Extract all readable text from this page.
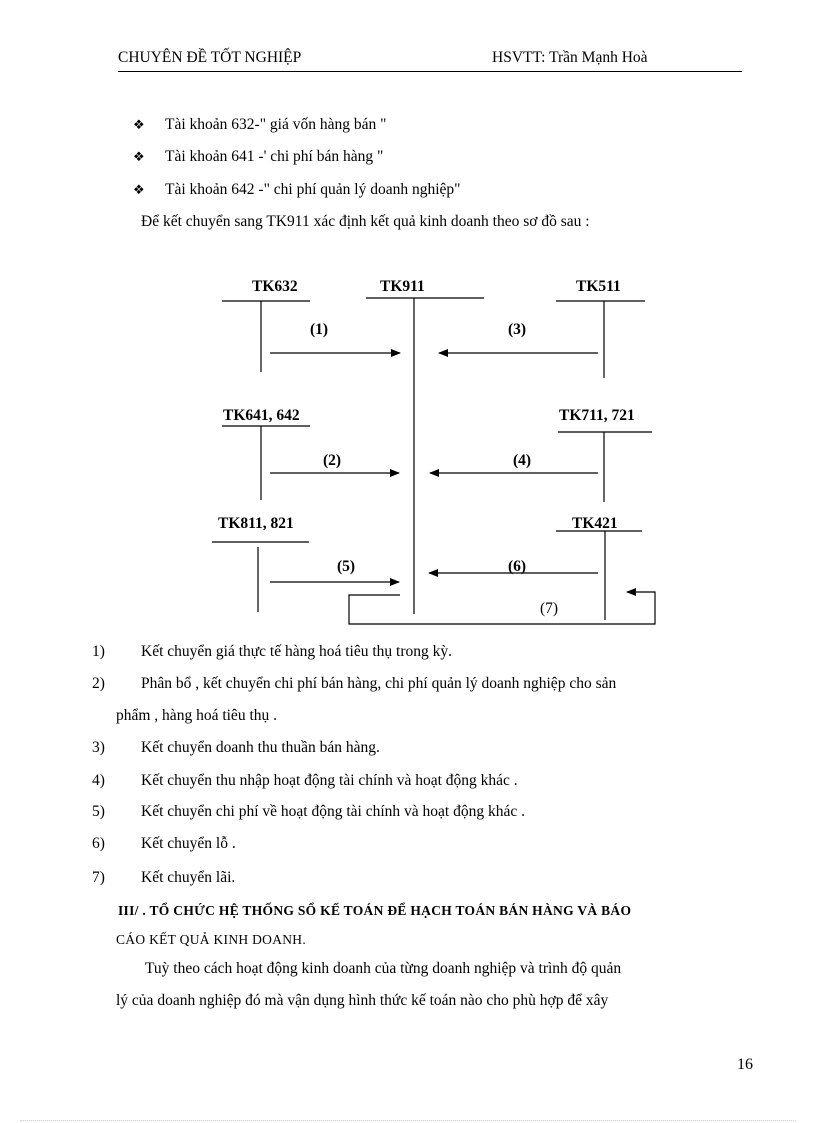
CHUYÊN ĐỀ TỐT NGHIỆP	HSVTT: Trần Mạnh Hoà
❖ Tài khoản 632-" giá vốn hàng bán "
❖ Tài khoản 641 -' chi phí bán hàng "
❖ Tài khoản 642 -" chi phí quản lý doanh nghiệp"
Để kết chuyển sang TK911 xác định kết quả kinh doanh theo sơ đồ sau :
TK632	TK911	TK511
TK641, 642	TK711, 721
TK811, 821	TK421
(1)	(3)
(2)	(4)
(5)	(6)
(7)
1) Kết chuyển giá thực tế hàng hoá tiêu thụ trong kỳ.
2) Phân bổ , kết chuyển chi phí bán hàng, chi phí quản lý doanh nghiệp cho sản
phẩm , hàng hoá tiêu thụ .
3) Kết chuyển doanh thu thuần bán hàng.
4) Kết chuyển thu nhập hoạt động tài chính và hoạt động khác .
5) Kết chuyển chi phí về hoạt động tài chính và hoạt động khác .
6) Kết chuyển lỗ .
7) Kết chuyển lãi.
III/ . TỔ CHỨC HỆ THỐNG SỔ KẾ TOÁN ĐỂ HẠCH TOÁN BÁN HÀNG VÀ BÁO
CÁO KẾT QUẢ KINH DOANH.
Tuỳ theo cách hoạt động kinh doanh của từng doanh nghiệp và trình độ quản
lý của doanh nghiệp đó mà vận dụng hình thức kế toán nào cho phù hợp để xây
16
